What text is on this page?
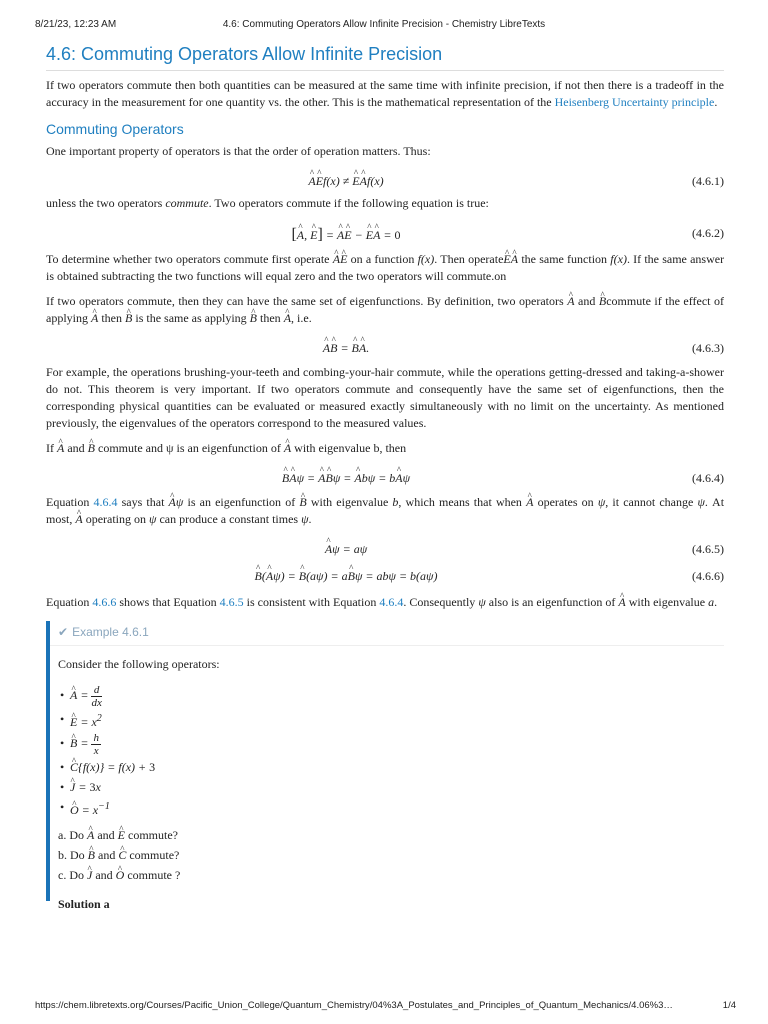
8/21/23, 12:23 AM	4.6: Commuting Operators Allow Infinite Precision - Chemistry LibreTexts
4.6: Commuting Operators Allow Infinite Precision

If two operators commute then both quantities can be measured at the same time with infinite precision, if not then there is a tradeoff in the accuracy in the measurement for one quantity vs. the other. This is the mathematical representation of the Heisenberg Uncertainty principle.

Commuting Operators

One important property of operators is that the order of operation matters. Thus:

^ A^ Ef(x) ≠ ^ E^ Af(x)	(4.6.1)

unless the two operators commute. Two operators commute if the following equation is true:

[^ A, ^ E] = ^ A^ E − ^ E^ A = 0	(4.6.2)

To determine whether two operators commute first operate ^ A^ E on a function f(x). Then operate^ E^ A the same function f(x). If the same answer is obtained subtracting the two functions will equal zero and the two operators will commute.on

If two operators commute, then they can have the same set of eigenfunctions. By definition, two operators ^ A and ^ Bcommute if the effect of applying ^ A then ^ B is the same as applying ^ B then ^ A, i.e.

^ A^ B = ^ B^ A.	(4.6.3)

For example, the operations brushing-your-teeth and combing-your-hair commute, while the operations getting-dressed and taking-a-shower do not. This theorem is very important. If two operators commute and consequently have the same set of eigenfunctions, then the corresponding physical quantities can be evaluated or measured exactly simultaneously with no limit on the uncertainty. As mentioned previously, the eigenvalues of the operators correspond to the measured values.

If ^ A and ^ B commute and ψ is an eigenfunction of ^ A with eigenvalue b, then

^ B^ Aψ = ^ A^ Bψ = ^ Abψ = b^ Aψ	(4.6.4)

Equation 4.6.4 says that ^ Aψ is an eigenfunction of ^ B with eigenvalue b, which means that when ^ A operates on ψ, it cannot change ψ. At most, ^ A operating on ψ can produce a constant times ψ.

^ Aψ = aψ	(4.6.5)
^ B(^ Aψ) = ^ B(aψ) = a^ Bψ = abψ = b(aψ)	(4.6.6)

Equation 4.6.6 shows that Equation 4.6.5 is consistent with Equation 4.6.4. Consequently ψ also is an eigenfunction of ^ A with eigenvalue a.

✔ Example 4.6.1

Consider the following operators:

• ^ $A = \frac{d}{dx}$
• ^ $E = x^2$
• ^ $B = \frac{h}{x}$
• ^ C{f(x)} = f(x) + 3
• ^ J = 3x
• ^ $O = x^{-1}$
a. Do ^ A and ^ E commute?
b. Do ^ B and ^ C commute?
c. Do ^ J and ^ O commute ?
Solution a
https://chem.libretexts.org/Courses/Pacific_Union_College/Quantum_Chemistry/04%3A_Postulates_and_Principles_of_Quantum_Mechanics/4.06%3…	1/4
